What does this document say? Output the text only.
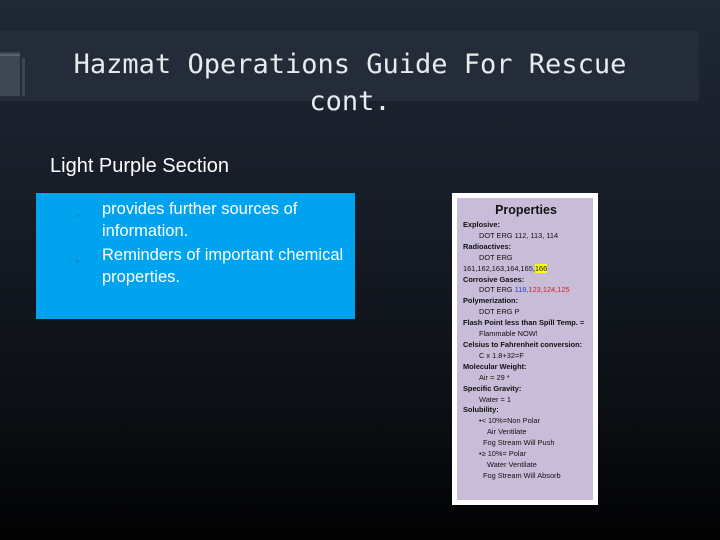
Hazmat Operations Guide For Rescue
cont.
Light Purple Section
▫ provides further sources of information.
▫ Reminders of important chemical properties.
Properties
Explosive:
DOT ERG 112, 113, 114
Radioactives:
DOT ERG
161,162,163,164,165,166
Corrosive Gases:
DOT ERG 118,123,124,125
Polymerization:
DOT ERG P
Flash Point less than Spill Temp. =
Flammable NOW!
Celsius to Fahrenheit conversion:
C x 1.8+32=F
Molecular Weight:
Air = 29 *
Specific Gravity:
Water = 1
Solubility:
•< 10%=Non Polar
Air Ventilate
Fog Stream Will Push
•≥ 10%= Polar
Water Ventilate
Fog Stream Will Absorb
